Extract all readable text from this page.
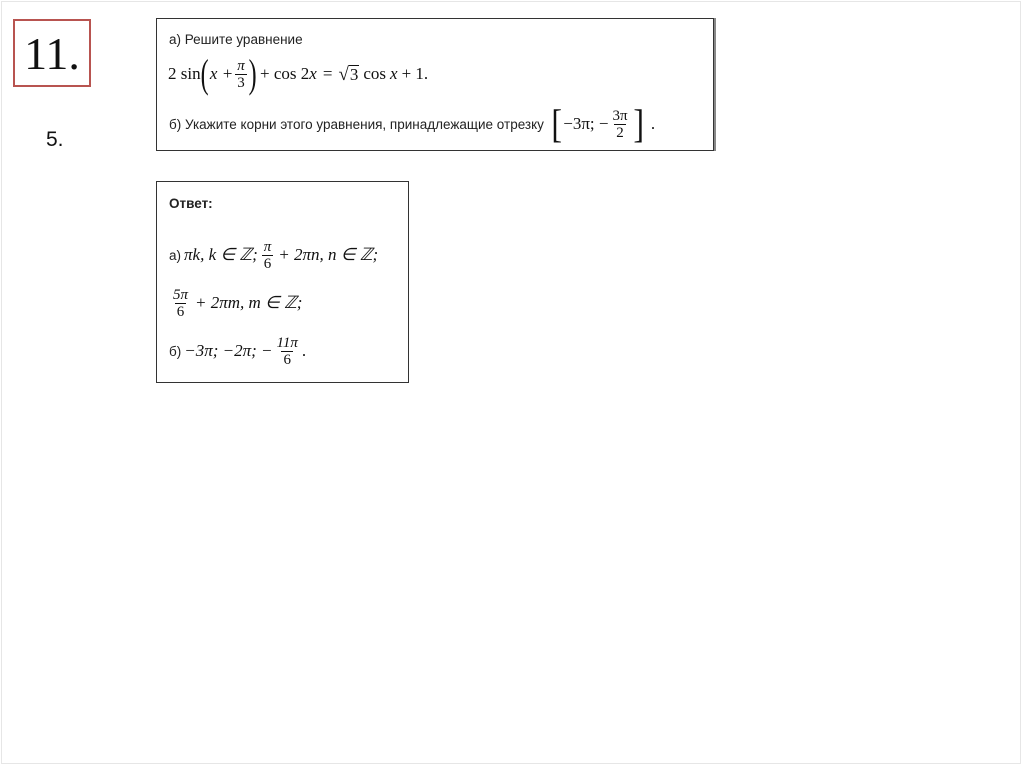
11.
5.
а) Решите уравнение
2 sin ( $x + \frac{\pi}{3}$ ) + cos 2 x = √ 3 cos x + 1.
б) Укажите корни этого уравнения, принадлежащие отрезку [ −3π; − $\frac{3\pi}{2}$ ] .
Ответ:
а) πk, k ∈ ℤ; $\frac{\pi}{6} + 2\pi n$, n ∈ ℤ;
$\frac{5\pi}{6} + 2\pi m$, m ∈ ℤ;
б) −3π; −2π; − $\frac{11\pi}{6}$ .
